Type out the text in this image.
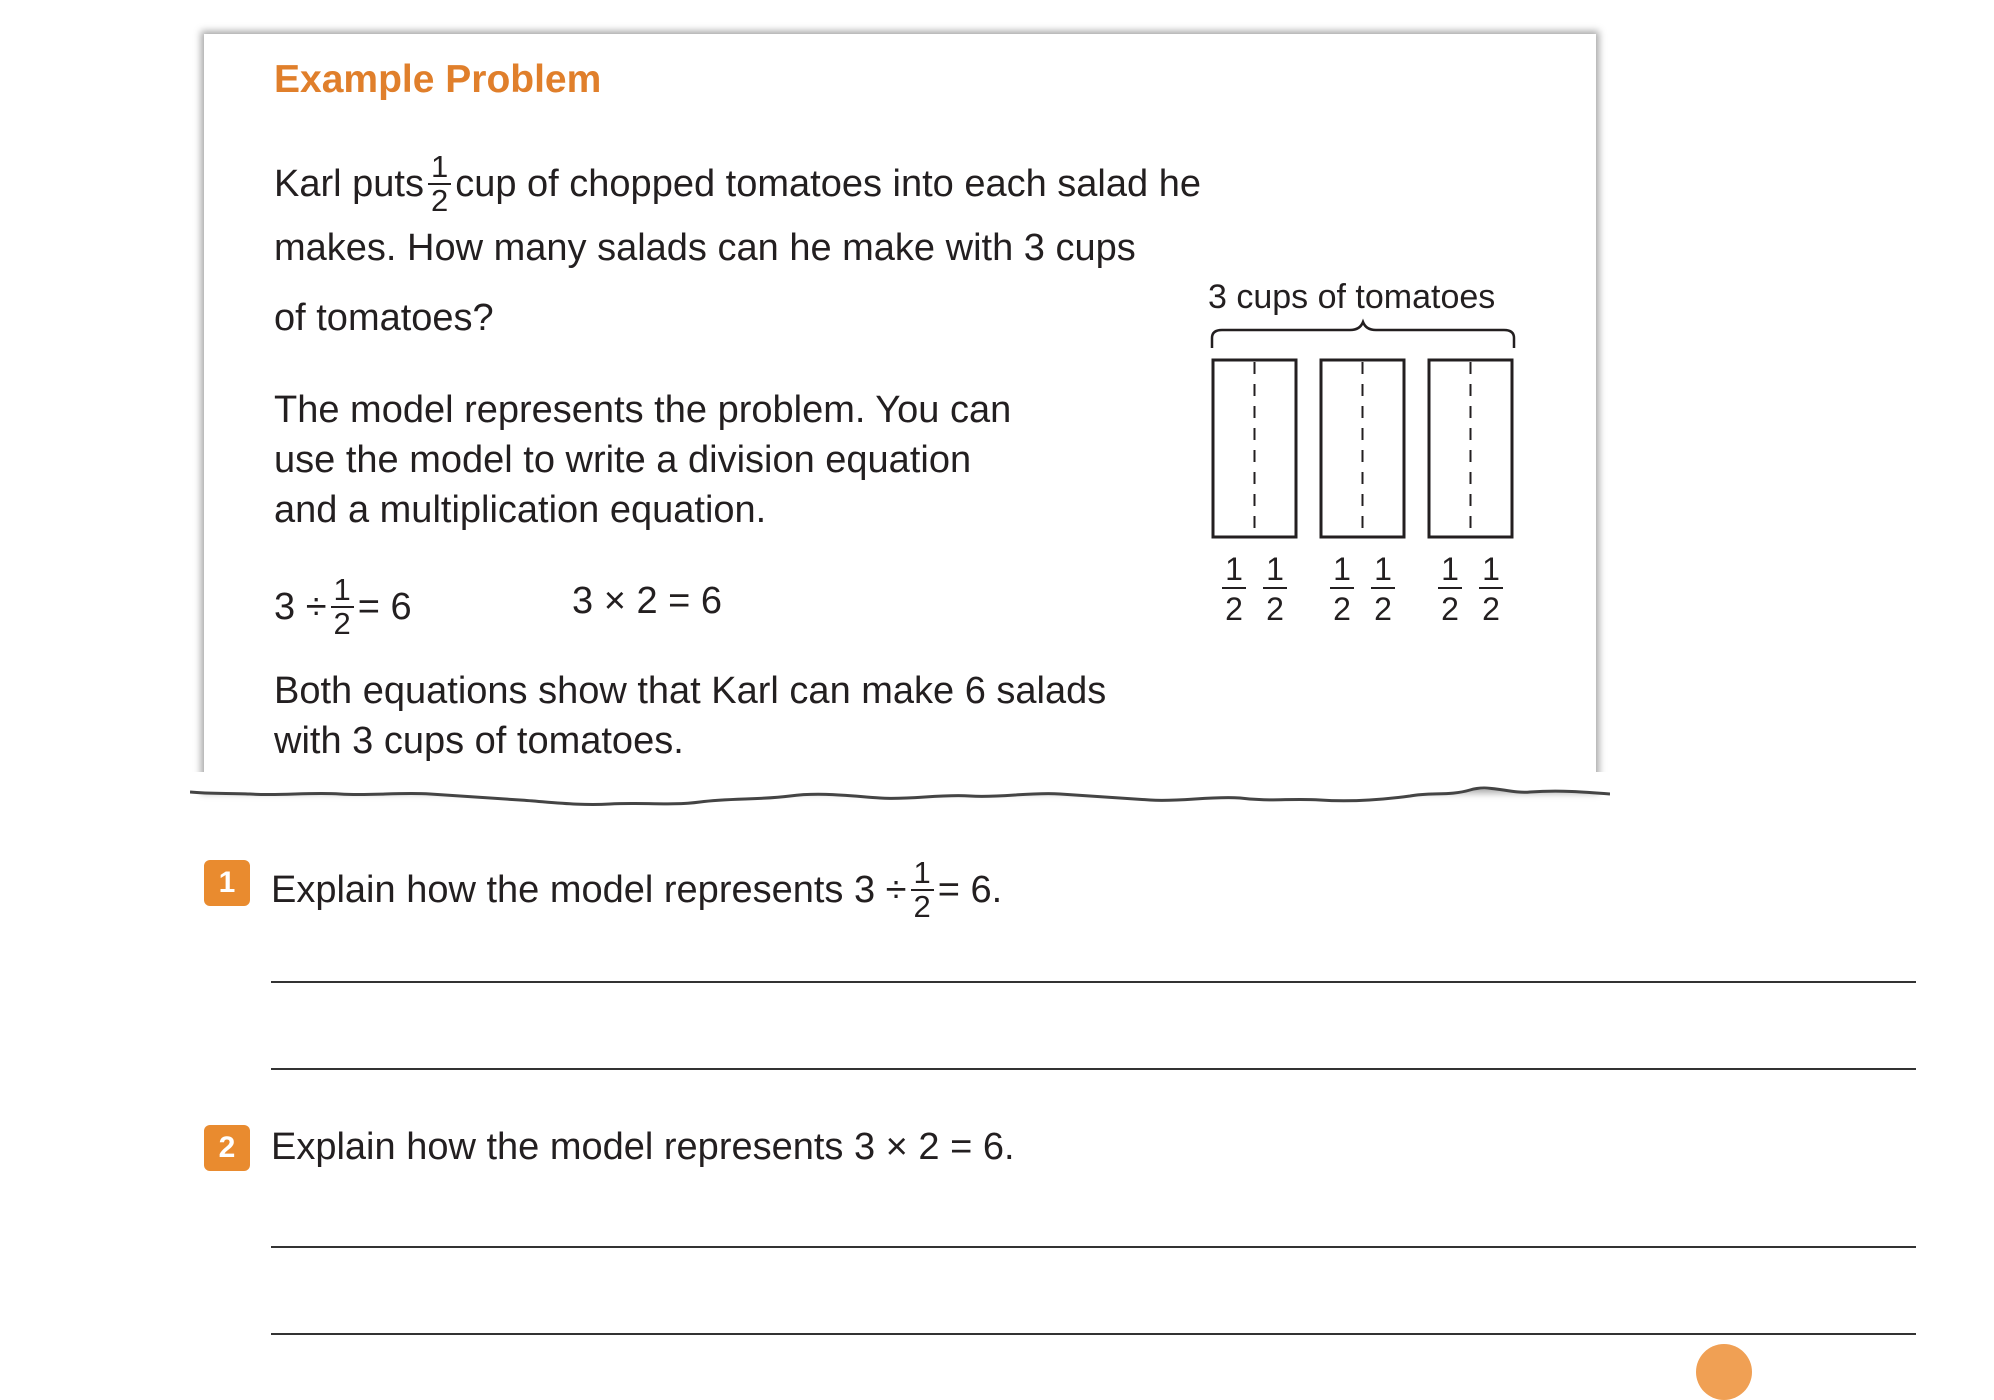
Example Problem
Karl puts $\frac{1}{2}$ cup of chopped tomatoes into each salad he
makes. How many salads can he make with 3 cups
of tomatoes?
The model represents the problem. You can
use the model to write a division equation
and a multiplication equation.
$3 \div \frac{1}{2} = 6$	3 × 2 = 6
Both equations show that Karl can make 6 salads
with 3 cups of tomatoes.
3 cups of tomatoes
1
2
1
2
1
2
1
2
1
2
1
2
1 Explain how the model represents $3 \div \frac{1}{2} = 6$.
2 Explain how the model represents 3 × 2 = 6.
